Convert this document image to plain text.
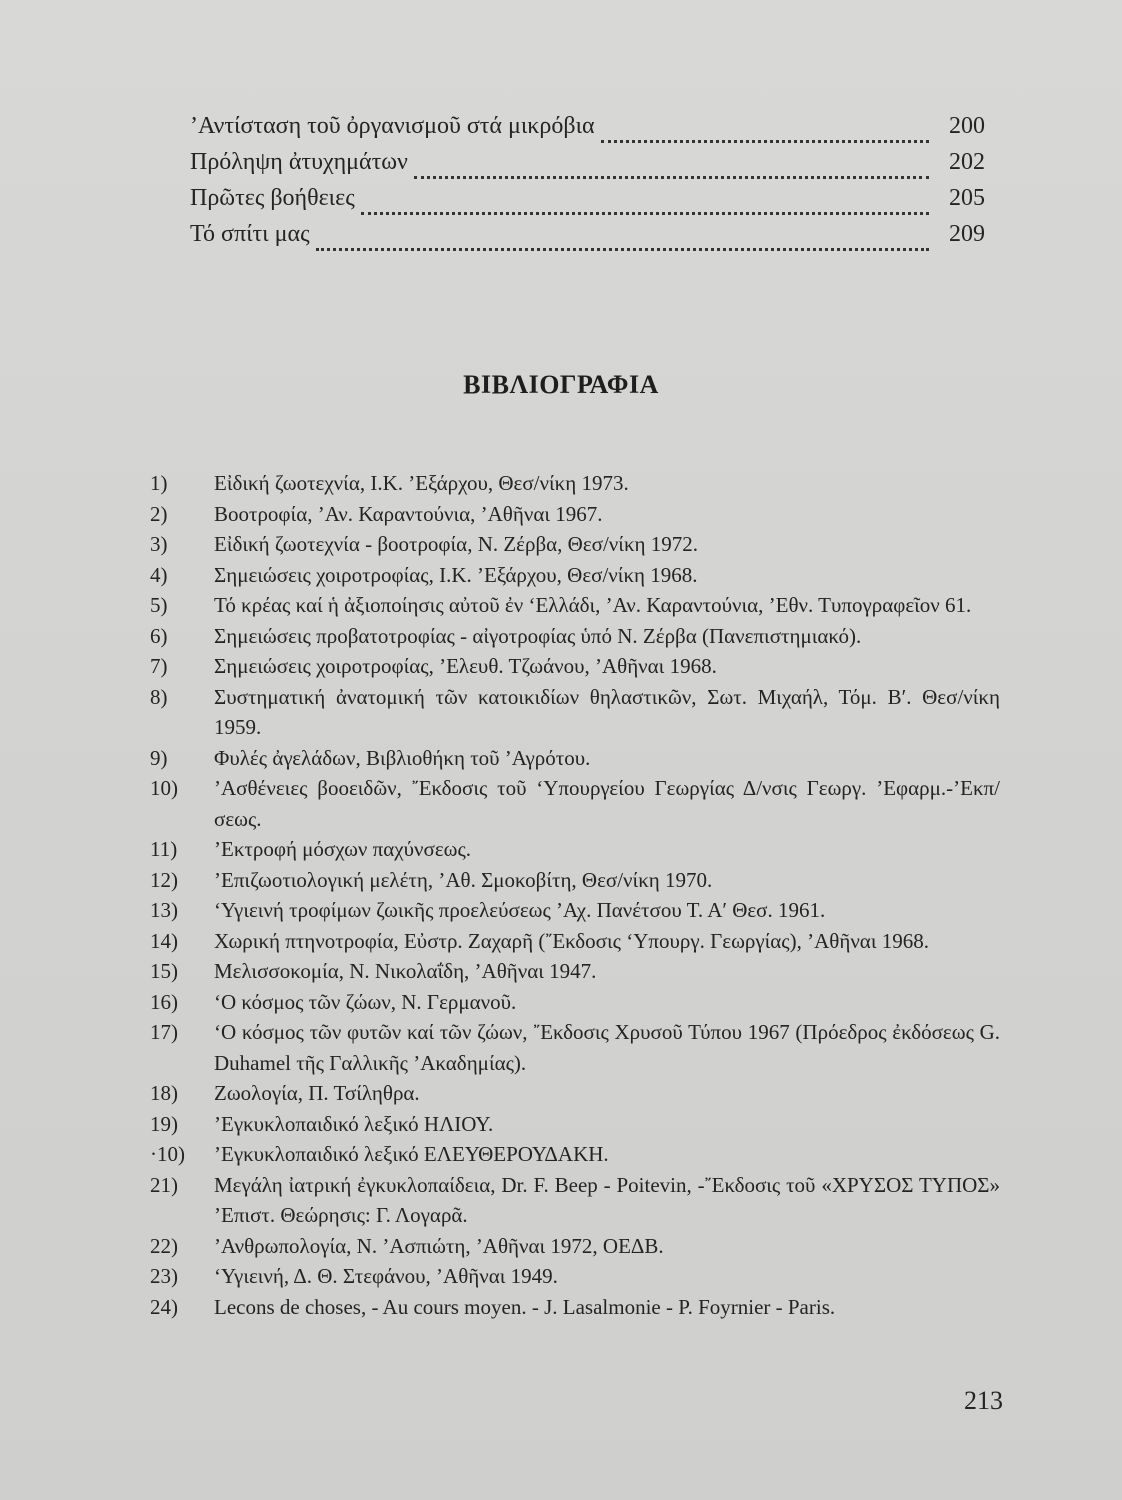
’Αντίσταση τοῦ ὀργανισμοῦ στά μικρόβια	200
Πρόληψη ἀτυχημάτων	202
Πρῶτες βοήθειες	205
Τό σπίτι μας	209
ΒΙΒΛΙΟΓΡΑΦΙΑ
1)	Εἰδική ζωοτεχνία, Ι.Κ. ’Εξάρχου, Θεσ/νίκη 1973.
2)	Βοοτροφία, ’Αν. Καραντούνια, ’Αθῆναι 1967.
3)	Εἰδική ζωοτεχνία - βοοτροφία, Ν. Ζέρβα, Θεσ/νίκη 1972.
4)	Σημειώσεις χοιροτροφίας, Ι.Κ. ’Εξάρχου, Θεσ/νίκη 1968.
5)	Τό κρέας καί ἡ ἀξιοποίησις αὐτοῦ ἐν ‘Ελλάδι, ’Αν. Καραντούνια, ’Εθν. Τυπογραφεῖον 61.
6)	Σημειώσεις προβατοτροφίας - αἰγοτροφίας ὑπό Ν. Ζέρβα (Πανεπιστημιακό).
7)	Σημειώσεις χοιροτροφίας, ’Ελευθ. Τζωάνου, ’Αθῆναι 1968.
8)	Συστηματική ἀνατομική τῶν κατοικιδίων θηλαστικῶν, Σωτ. Μιχαήλ, Τόμ. Β′. Θεσ/νίκη 1959.
9)	Φυλές ἀγελάδων, Βιβλιοθήκη τοῦ ’Αγρότου.
10)	’Ασθένειες βοοειδῶν, ῎Εκδοσις τοῦ ‘Υπουργείου Γεωργίας Δ/νσις Γεωργ. ’Εφαρμ.-’Εκπ/σεως.
11)	’Εκτροφή μόσχων παχύνσεως.
12)	’Επιζωοτιολογική μελέτη, ’Αθ. Σμοκοβίτη, Θεσ/νίκη 1970.
13)	‘Υγιεινή τροφίμων ζωικῆς προελεύσεως ’Αχ. Πανέτσου Τ. Α′ Θεσ. 1961.
14)	Χωρική πτηνοτροφία, Εὐστρ. Ζαχαρῆ (῎Εκδοσις ‘Υπουργ. Γεωργίας), ’Αθῆναι 1968.
15)	Μελισσοκομία, Ν. Νικολαΐδη, ’Αθῆναι 1947.
16)	‘Ο κόσμος τῶν ζώων, Ν. Γερμανοῦ.
17)	‘Ο κόσμος τῶν φυτῶν καί τῶν ζώων, ῎Εκδοσις Χρυσοῦ Τύπου 1967 (Πρόεδρος ἐκδόσεως G. Duhamel τῆς Γαλλικῆς ’Ακαδημίας).
18)	Ζωολογία, Π. Τσίληθρα.
19)	’Εγκυκλοπαιδικό λεξικό ΗΛΙΟΥ.
·10)	’Εγκυκλοπαιδικό λεξικό ΕΛΕΥΘΕΡΟΥΔΑΚΗ.
21)	Μεγάλη ἰατρική ἐγκυκλοπαίδεια, Dr. F. Beep - Poitevin, -῎Εκδοσις τοῦ «ΧΡΥΣΟΣ ΤΥΠΟΣ» ’Επιστ. Θεώρησις: Γ. Λογαρᾶ.
22)	’Ανθρωπολογία, Ν. ’Ασπιώτη, ’Αθῆναι 1972, ΟΕΔΒ.
23)	‘Υγιεινή, Δ. Θ. Στεφάνου, ’Αθῆναι 1949.
24)	Lecons de choses, - Au cours moyen. - J. Lasalmonie - P. Foyrnier - Paris.
213
